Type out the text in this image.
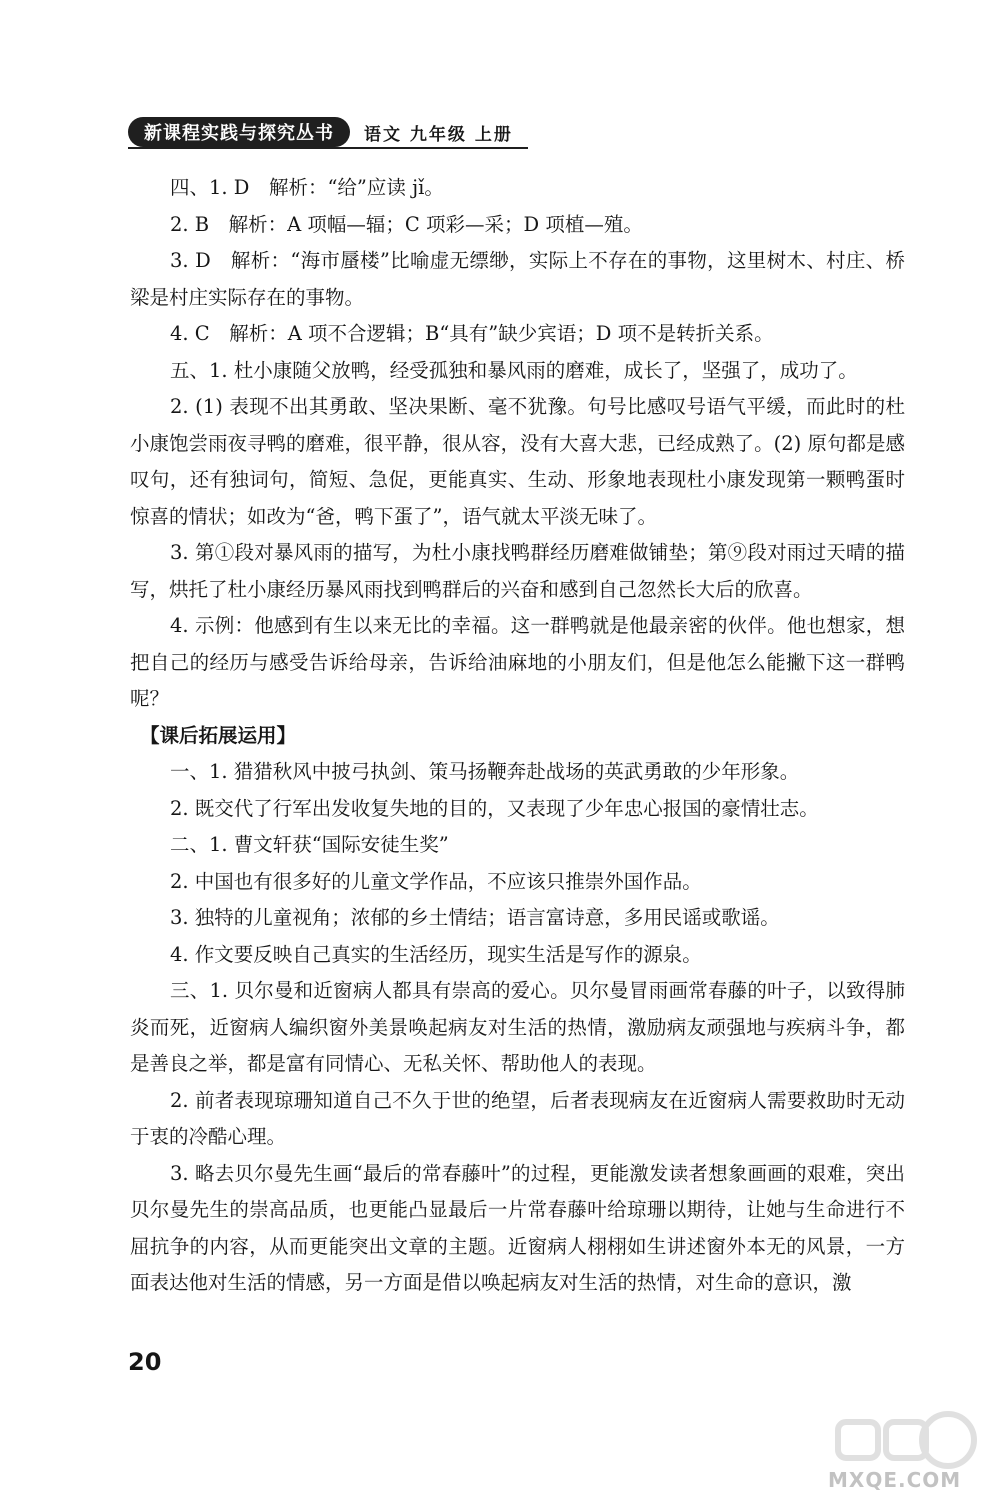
新课程实践与探究丛书	语文 九年级 上册

四、1. D　解析：“给”应读 jǐ。

2. B　解析：A 项幅—辐；C 项彩—采；D 项植—殖。

3. D　解析：“海市蜃楼”比喻虚无缥缈，实际上不存在的事物，这里树木、村庄、桥梁是村庄实际存在的事物。

4. C　解析：A 项不合逻辑；B“具有”缺少宾语；D 项不是转折关系。

五、1. 杜小康随父放鸭，经受孤独和暴风雨的磨难，成长了，坚强了，成功了。

2. (1) 表现不出其勇敢、坚决果断、毫不犹豫。句号比感叹号语气平缓，而此时的杜小康饱尝雨夜寻鸭的磨难，很平静，很从容，没有大喜大悲，已经成熟了。(2) 原句都是感叹句，还有独词句，简短、急促，更能真实、生动、形象地表现杜小康发现第一颗鸭蛋时惊喜的情状；如改为“爸，鸭下蛋了”，语气就太平淡无味了。

3. 第①段对暴风雨的描写，为杜小康找鸭群经历磨难做铺垫；第⑨段对雨过天晴的描写，烘托了杜小康经历暴风雨找到鸭群后的兴奋和感到自己忽然长大后的欣喜。

4. 示例：他感到有生以来无比的幸福。这一群鸭就是他最亲密的伙伴。他也想家，想把自己的经历与感受告诉给母亲，告诉给油麻地的小朋友们，但是他怎么能撇下这一群鸭呢？

【课后拓展运用】

一、1. 猎猎秋风中披弓执剑、策马扬鞭奔赴战场的英武勇敢的少年形象。

2. 既交代了行军出发收复失地的目的，又表现了少年忠心报国的豪情壮志。

二、1. 曹文轩获“国际安徒生奖”

2. 中国也有很多好的儿童文学作品，不应该只推崇外国作品。

3. 独特的儿童视角；浓郁的乡土情结；语言富诗意，多用民谣或歌谣。

4. 作文要反映自己真实的生活经历，现实生活是写作的源泉。

三、1. 贝尔曼和近窗病人都具有崇高的爱心。贝尔曼冒雨画常春藤的叶子，以致得肺炎而死，近窗病人编织窗外美景唤起病友对生活的热情，激励病友顽强地与疾病斗争，都是善良之举，都是富有同情心、无私关怀、帮助他人的表现。

2. 前者表现琼珊知道自己不久于世的绝望，后者表现病友在近窗病人需要救助时无动于衷的冷酷心理。

3. 略去贝尔曼先生画“最后的常春藤叶”的过程，更能激发读者想象画画的艰难，突出贝尔曼先生的崇高品质，也更能凸显最后一片常春藤叶给琼珊以期待，让她与生命进行不屈抗争的内容，从而更能突出文章的主题。近窗病人栩栩如生讲述窗外本无的风景，一方面表达他对生活的情感，另一方面是借以唤起病友对生活的热情，对生命的意识，激

20
MXQE.COM
